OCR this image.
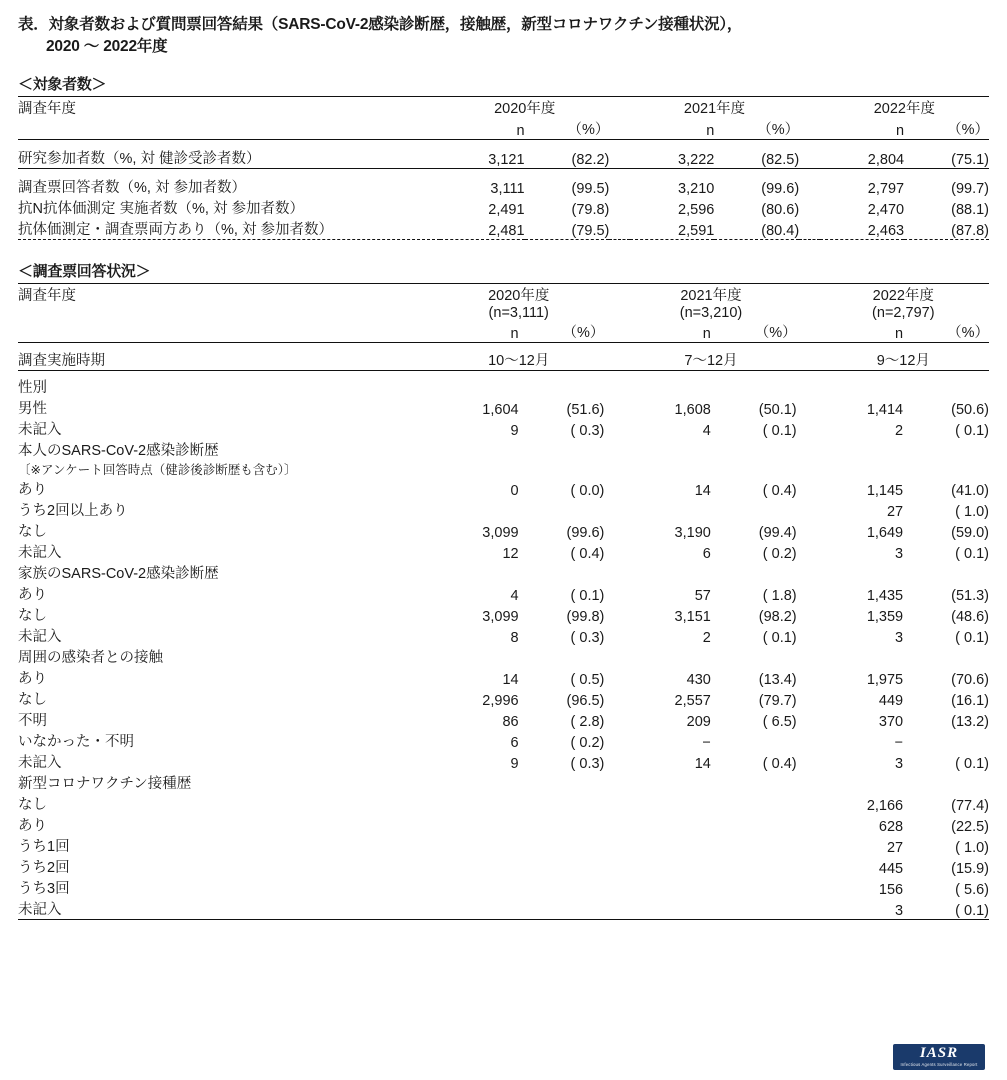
表．対象者数および質問票回答結果（SARS-CoV-2感染診断歴，接触歴，新型コロナワクチン接種状況），
2020 〜 2022年度
＜対象者数＞
調査年度	2020年度			2021年度			2022年度	
	n	（%）		n	（%）		n	（%）
研究参加者数（%, 対 健診受診者数）	3,121	(82.2)		3,222	(82.5)		2,804	(75.1)
調査票回答者数（%, 対 参加者数）	3,111	(99.5)		3,210	(99.6)		2,797	(99.7)
抗N抗体価測定 実施者数（%, 対 参加者数）	2,491	(79.8)		2,596	(80.6)		2,470	(88.1)
抗体価測定・調査票両方あり（%, 対 参加者数）	2,481	(79.5)		2,591	(80.4)		2,463	(87.8)

＜調査票回答状況＞
調査年度	2020年度			2021年度			2022年度	
	(n=3,111)			(n=3,210)			(n=2,797)	
	n	（%）		n	（%）		n	（%）
調査実施時期	10〜12月			7〜12月			9〜12月	

性別								
男性	1,604	(51.6)		1,608	(50.1)		1,414	(50.6)
未記入	9	( 0.3)		4	( 0.1)		2	( 0.1)
本人のSARS-CoV-2感染診断歴								
〔※アンケート回答時点（健診後診断歴も含む）〕								
あり	0	( 0.0)		14	( 0.4)		1,145	(41.0)
うち2回以上あり							27	( 1.0)
なし	3,099	(99.6)		3,190	(99.4)		1,649	(59.0)
未記入	12	( 0.4)		6	( 0.2)		3	( 0.1)
家族のSARS-CoV-2感染診断歴								
あり	4	( 0.1)		57	( 1.8)		1,435	(51.3)
なし	3,099	(99.8)		3,151	(98.2)		1,359	(48.6)
未記入	8	( 0.3)		2	( 0.1)		3	( 0.1)
周囲の感染者との接触								
あり	14	( 0.5)		430	(13.4)		1,975	(70.6)
なし	2,996	(96.5)		2,557	(79.7)		449	(16.1)
不明	86	( 2.8)		209	( 6.5)		370	(13.2)
いなかった・不明	6	( 0.2)		−			−	
未記入	9	( 0.3)		14	( 0.4)		3	( 0.1)
新型コロナワクチン接種歴								
なし							2,166	(77.4)
あり							628	(22.5)
うち1回							27	( 1.0)
うち2回							445	(15.9)
うち3回							156	( 5.6)
未記入							3	( 0.1)

IASR
Infectious Agents Surveillance Report
